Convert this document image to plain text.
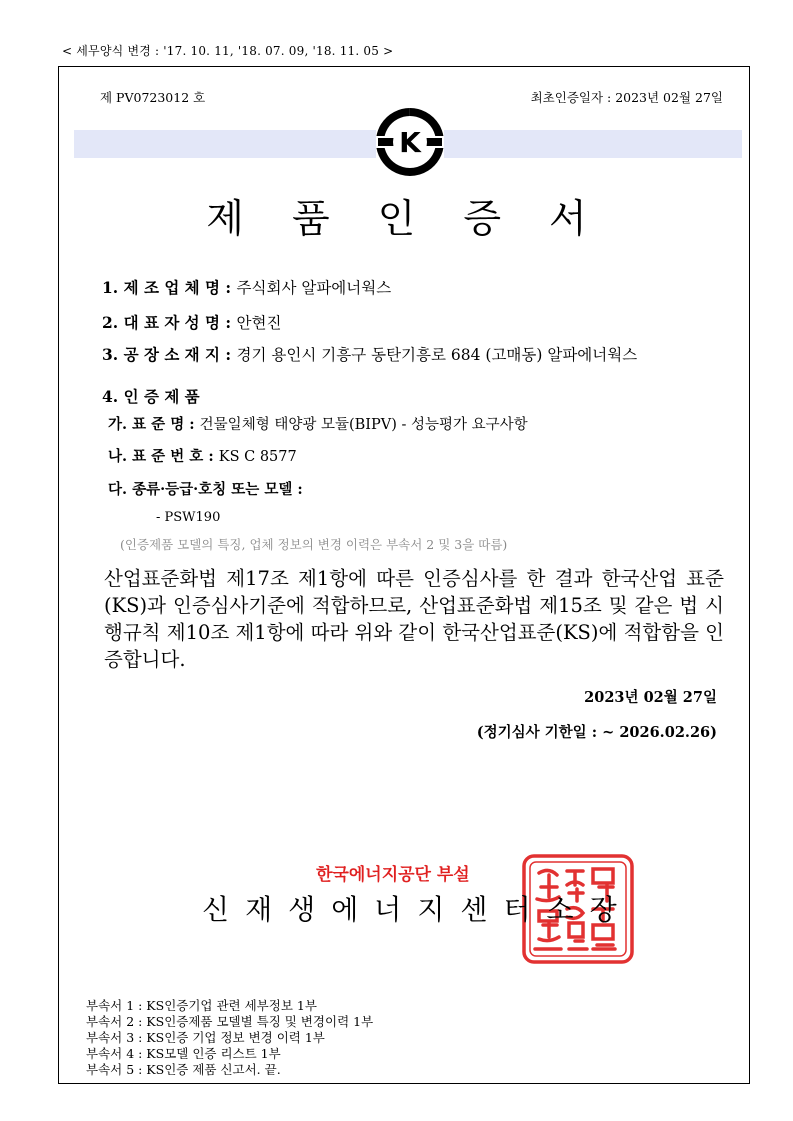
< 세무양식 변경 : '17. 10. 11, '18. 07. 09, '18. 11. 05 >
제 PV0723012 호	최초인증일자 : 2023년 02월 27일
K
제 품 인 증 서
1. 제 조 업 체 명 : 주식회사 알파에너웍스
2. 대 표 자 성 명 : 안현진
3. 공 장 소 재 지 : 경기 용인시 기흥구 동탄기흥로 684 (고매동) 알파에너웍스
4. 인 증 제 품
가. 표 준 명 : 건물일체형 태양광 모듈(BIPV) - 성능평가 요구사항
나. 표 준 번 호 : KS C 8577
다. 종류·등급·호칭 또는 모델 :
- PSW190
(인증제품 모델의 특징, 업체 정보의 변경 이력은 부속서 2 및 3을 따름)
산업표준화법 제17조 제1항에 따른 인증심사를 한 결과 한국산업 표준(KS)과 인증심사기준에 적합하므로, 산업표준화법 제15조 및 같은 법 시행규칙 제10조 제1항에 따라 위와 같이 한국산업표준(KS)에 적합함을 인증합니다.
2023년 02월 27일
(정기심사 기한일 : ~ 2026.02.26)
한국에너지공단 부설
신 재 생 에 너 지 센 터 소 장
부속서 1 : KS인증기업 관련 세부정보 1부
부속서 2 : KS인증제품 모델별 특징 및 변경이력 1부
부속서 3 : KS인증 기업 정보 변경 이력 1부
부속서 4 : KS모델 인증 리스트 1부
부속서 5 : KS인증 제품 신고서. 끝.
